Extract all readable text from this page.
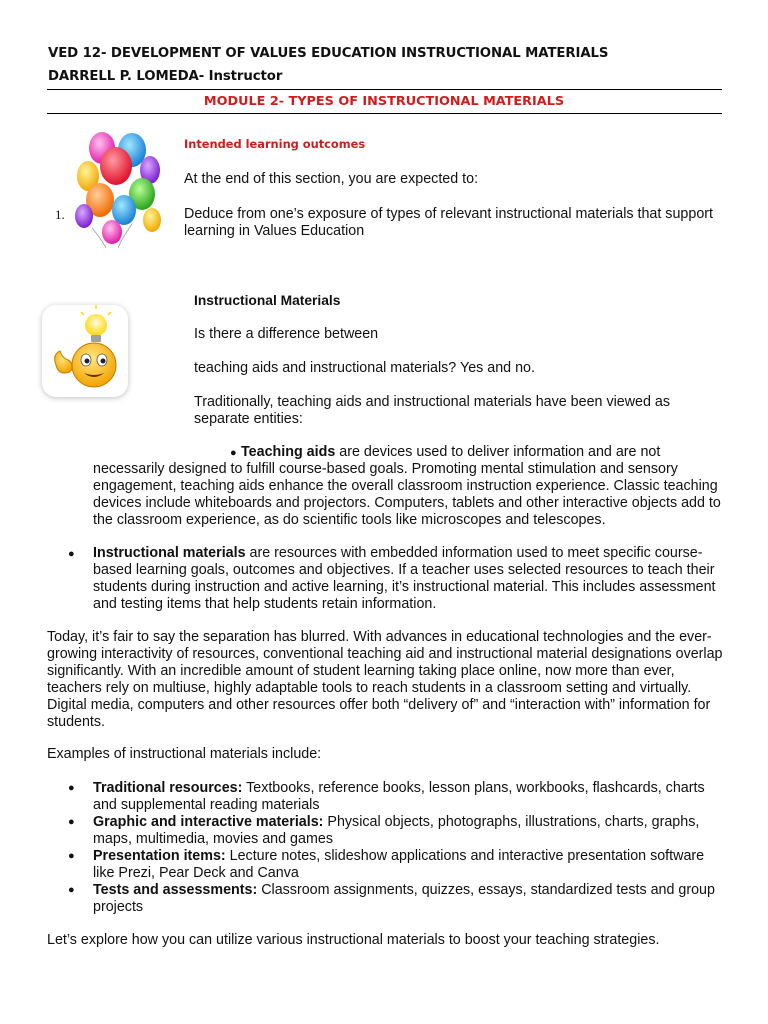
VED 12- DEVELOPMENT OF VALUES EDUCATION INSTRUCTIONAL MATERIALS
DARRELL P. LOMEDA- Instructor
MODULE 2- TYPES OF INSTRUCTIONAL MATERIALS
Intended learning outcomes

At the end of this section, you are expected to:

1.	Deduce from one’s exposure of types of relevant instructional materials that support learning in Values Education

Instructional Materials

Is there a difference between

teaching aids and instructional materials? Yes and no.

Traditionally, teaching aids and instructional materials have been viewed as separate entities:

● Teaching aids are devices used to deliver information and are not

necessarily designed to fulfill course-based goals. Promoting mental stimulation and sensory engagement, teaching aids enhance the overall classroom instruction experience. Classic teaching devices include whiteboards and projectors. Computers, tablets and other interactive objects add to the classroom experience, as do scientific tools like microscopes and telescopes.

● Instructional materials are resources with embedded information used to meet specific course-based learning goals, outcomes and objectives. If a teacher uses selected resources to teach their students during instruction and active learning, it’s instructional material. This includes assessment and testing items that help students retain information.

Today, it’s fair to say the separation has blurred. With advances in educational technologies and the ever-growing interactivity of resources, conventional teaching aid and instructional material designations overlap significantly. With an incredible amount of student learning taking place online, now more than ever, teachers rely on multiuse, highly adaptable tools to reach students in a classroom setting and virtually. Digital media, computers and other resources offer both “delivery of” and “interaction with” information for students.

Examples of instructional materials include:

● Traditional resources: Textbooks, reference books, lesson plans, workbooks, flashcards, charts and supplemental reading materials
● Graphic and interactive materials: Physical objects, photographs, illustrations, charts, graphs, maps, multimedia, movies and games
● Presentation items: Lecture notes, slideshow applications and interactive presentation software like Prezi, Pear Deck and Canva
● Tests and assessments: Classroom assignments, quizzes, essays, standardized tests and group projects

Let’s explore how you can utilize various instructional materials to boost your teaching strategies.
